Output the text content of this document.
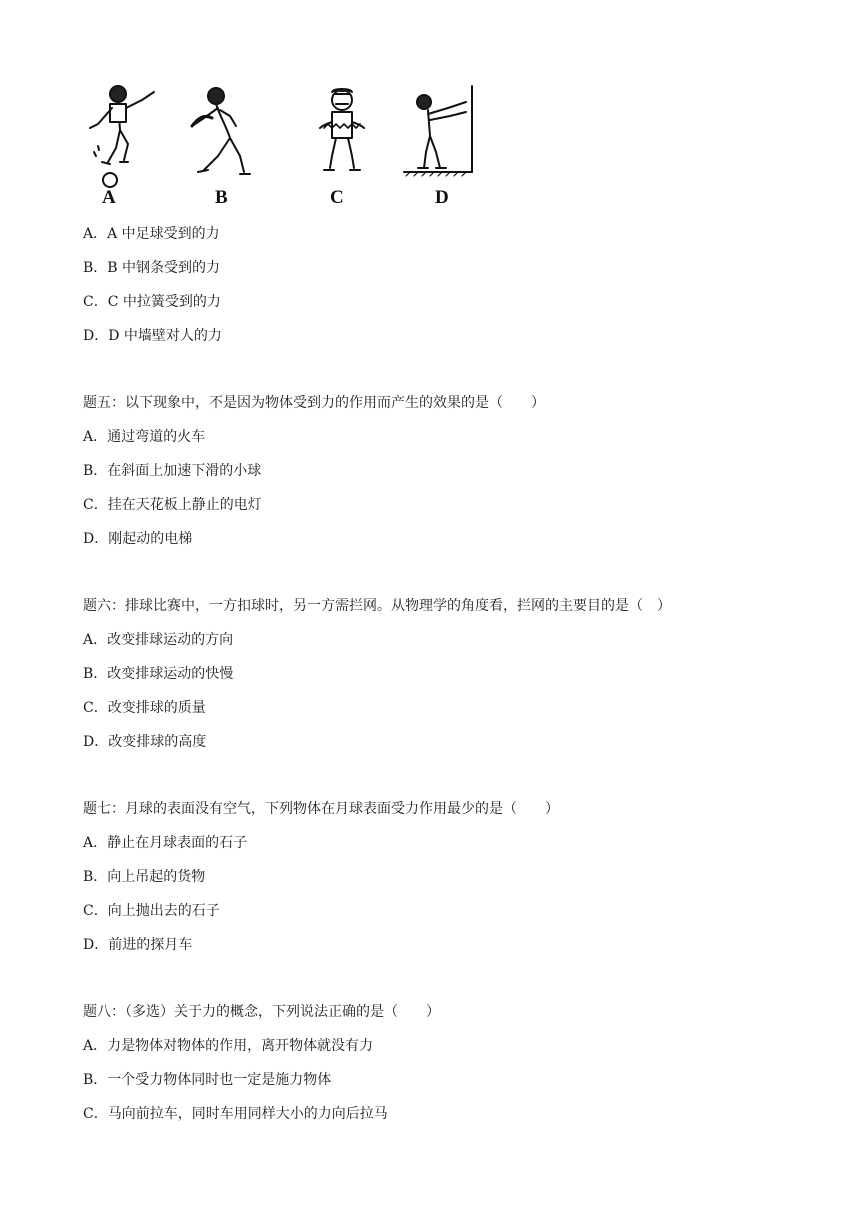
A	B	C	D
A．A 中足球受到的力
B．B 中钢条受到的力
C．C 中拉簧受到的力
D．D 中墙壁对人的力
题五：以下现象中，不是因为物体受到力的作用而产生的效果的是（　　）
A．通过弯道的火车
B．在斜面上加速下滑的小球
C．挂在天花板上静止的电灯
D．刚起动的电梯
题六：排球比赛中，一方扣球时，另一方需拦网。从物理学的角度看，拦网的主要目的是（　）
A．改变排球运动的方向
B．改变排球运动的快慢
C．改变排球的质量
D．改变排球的高度
题七：月球的表面没有空气，下列物体在月球表面受力作用最少的是（　　）
A．静止在月球表面的石子
B．向上吊起的货物
C．向上抛出去的石子
D．前进的探月车
题八：（多选）关于力的概念，下列说法正确的是（　　）
A．力是物体对物体的作用，离开物体就没有力
B．一个受力物体同时也一定是施力物体
C．马向前拉车，同时车用同样大小的力向后拉马
